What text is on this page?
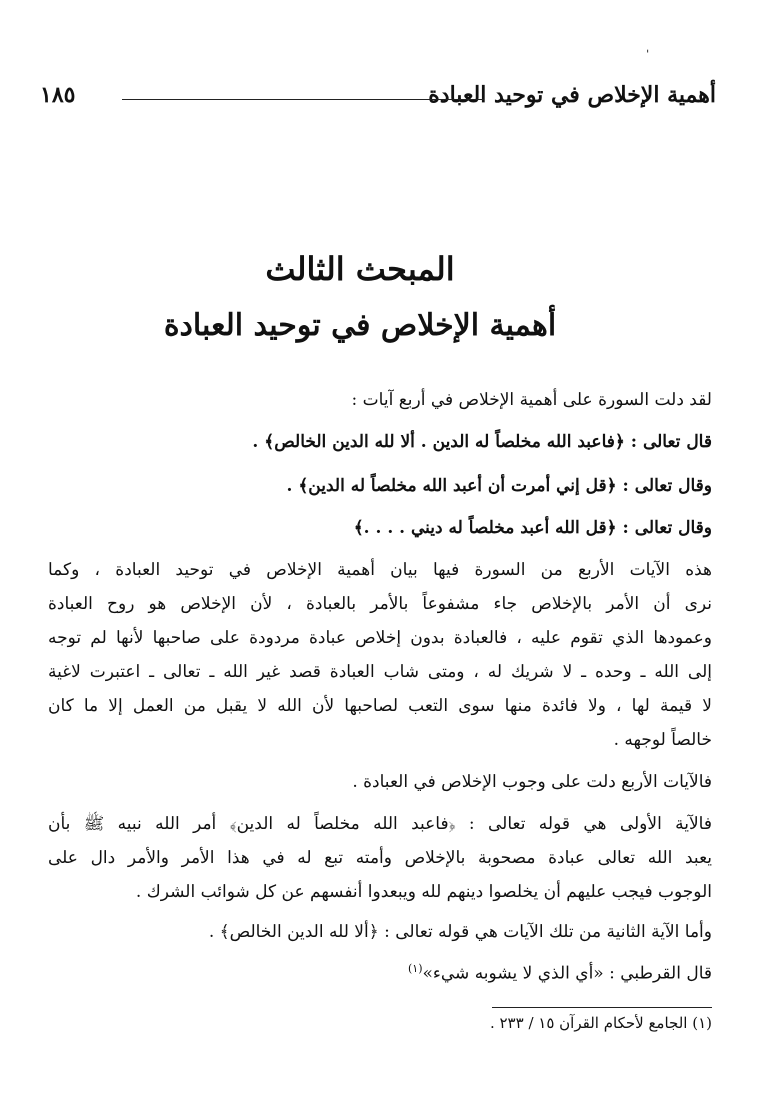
ˈ
أهمية الإخلاص في توحيد العبادة
١٨٥
المبحث الثالث
أهمية الإخلاص في توحيد العبادة
لقد دلت السورة على أهمية الإخلاص في أربع آيات :
قال تعالى : ﴿فاعبد الله مخلصاً له الدين . ألا لله الدين الخالص﴾ .
وقال تعالى : ﴿قل إني أمرت أن أعبد الله مخلصاً له الدين﴾ .
وقال تعالى : ﴿قل الله أعبد مخلصاً له ديني . . . .﴾
هذه الآيات الأربع من السورة فيها بيان أهمية الإخلاص في توحيد العبادة ، وكما
نرى أن الأمر بالإخلاص جاء مشفوعاً بالأمر بالعبادة ، لأن الإخلاص هو روح العبادة
وعمودها الذي تقوم عليه ، فالعبادة بدون إخلاص عبادة مردودة على صاحبها لأنها لم توجه
إلى الله ـ وحده ـ لا شريك له ، ومتى شاب العبادة قصد غير الله ـ تعالى ـ اعتبرت لاغية
لا قيمة لها ، ولا فائدة منها سوى التعب لصاحبها لأن الله لا يقبل من العمل إلا ما كان
خالصاً لوجهه .
فالآيات الأربع دلت على وجوب الإخلاص في العبادة .
فالآية الأولى هي قوله تعالى : ﴿فاعبد الله مخلصاً له الدين﴾ أمر الله نبيه ﷺ بأن
يعبد الله تعالى عبادة مصحوبة بالإخلاص وأمته تبع له في هذا الأمر والأمر دال على
الوجوب فيجب عليهم أن يخلصوا دينهم لله ويبعدوا أنفسهم عن كل شوائب الشرك .
وأما الآية الثانية من تلك الآيات هي قوله تعالى : ﴿ألا لله الدين الخالص﴾ .
قال القرطبي : «أي الذي لا يشوبه شيء»$^{(١)}$
(١) الجامع لأحكام القرآن ١٥ / ٢٣٣ .
